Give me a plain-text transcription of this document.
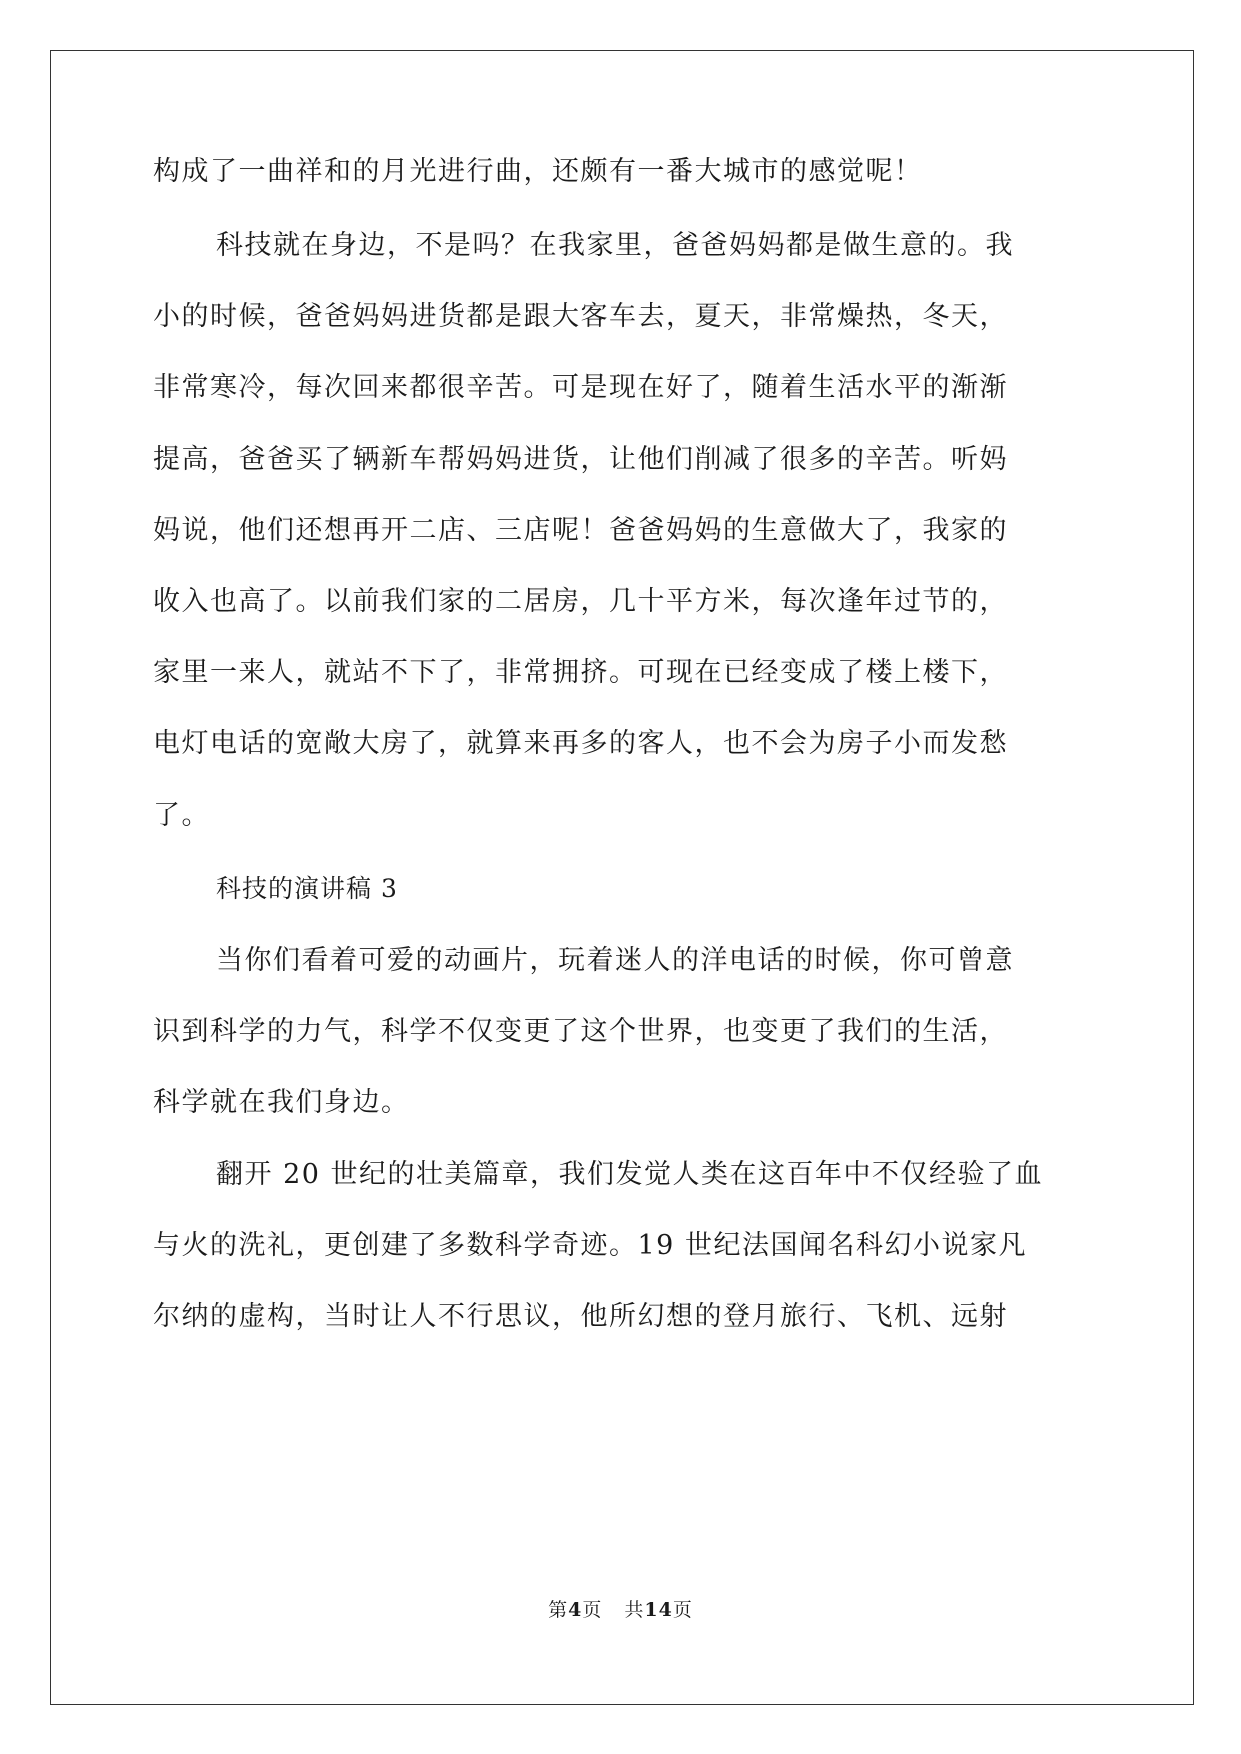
构成了一曲祥和的月光进行曲，还颇有一番大城市的感觉呢！
科技就在身边，不是吗？在我家里，爸爸妈妈都是做生意的。我
小的时候，爸爸妈妈进货都是跟大客车去，夏天，非常燥热，冬天，
非常寒冷，每次回来都很辛苦。可是现在好了，随着生活水平的渐渐
提高，爸爸买了辆新车帮妈妈进货，让他们削减了很多的辛苦。听妈
妈说，他们还想再开二店、三店呢！爸爸妈妈的生意做大了，我家的
收入也高了。以前我们家的二居房，几十平方米，每次逢年过节的，
家里一来人，就站不下了，非常拥挤。可现在已经变成了楼上楼下，
电灯电话的宽敞大房了，就算来再多的客人，也不会为房子小而发愁
了。
科技的演讲稿 3
当你们看着可爱的动画片，玩着迷人的洋电话的时候，你可曾意
识到科学的力气，科学不仅变更了这个世界，也变更了我们的生活，
科学就在我们身边。
翻开 20 世纪的壮美篇章，我们发觉人类在这百年中不仅经验了血
与火的洗礼，更创建了多数科学奇迹。19 世纪法国闻名科幻小说家凡
尔纳的虚构，当时让人不行思议，他所幻想的登月旅行、飞机、远射
第4页 共14页
